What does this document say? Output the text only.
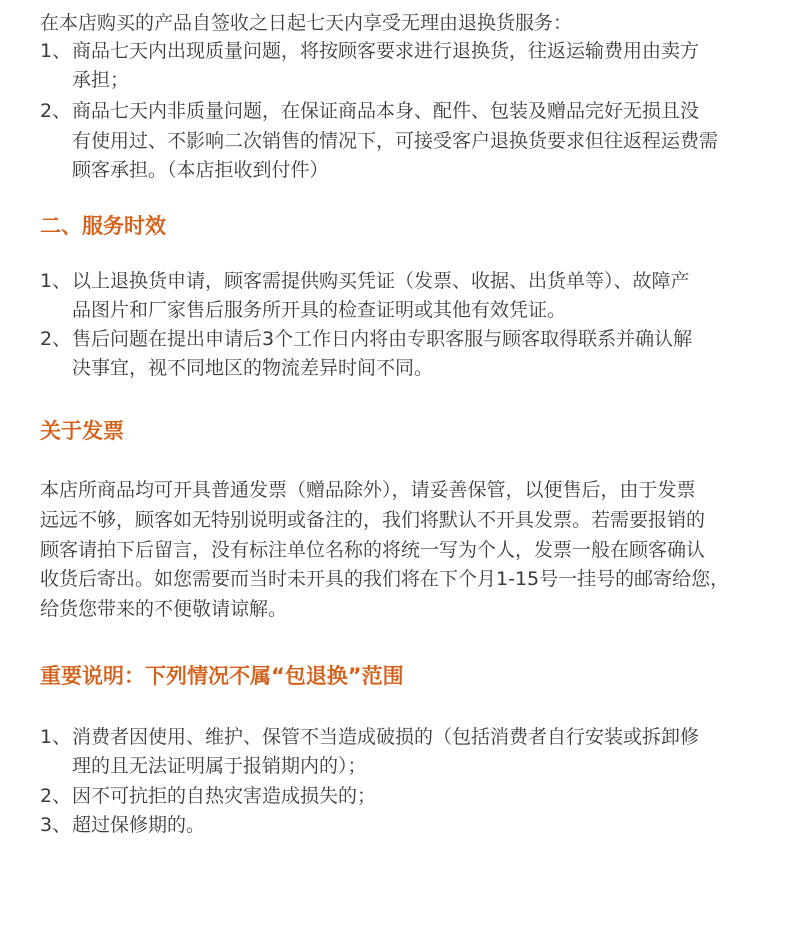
在本店购买的产品自签收之日起七天内享受无理由退换货服务：
1、商品七天内出现质量问题，将按顾客要求进行退换货，往返运输费用由卖方
承担；
2、商品七天内非质量问题，在保证商品本身、配件、包装及赠品完好无损且没
有使用过、不影响二次销售的情况下，可接受客户退换货要求但往返程运费需
顾客承担。（本店拒收到付件）
二、服务时效
1、以上退换货申请，顾客需提供购买凭证（发票、收据、出货单等）、故障产
品图片和厂家售后服务所开具的检查证明或其他有效凭证。
2、售后问题在提出申请后3个工作日内将由专职客服与顾客取得联系并确认解
决事宜，视不同地区的物流差异时间不同。
关于发票
本店所商品均可开具普通发票（赠品除外），请妥善保管，以便售后，由于发票
远远不够，顾客如无特别说明或备注的，我们将默认不开具发票。若需要报销的
顾客请拍下后留言，没有标注单位名称的将统一写为个人，发票一般在顾客确认
收货后寄出。如您需要而当时未开具的我们将在下个月1-15号一挂号的邮寄给您，
给货您带来的不便敬请谅解。
重要说明：下列情况不属“包退换”范围
1、消费者因使用、维护、保管不当造成破损的（包括消费者自行安装或拆卸修
理的且无法证明属于报销期内的）；
2、因不可抗拒的自热灾害造成损失的；
3、超过保修期的。
